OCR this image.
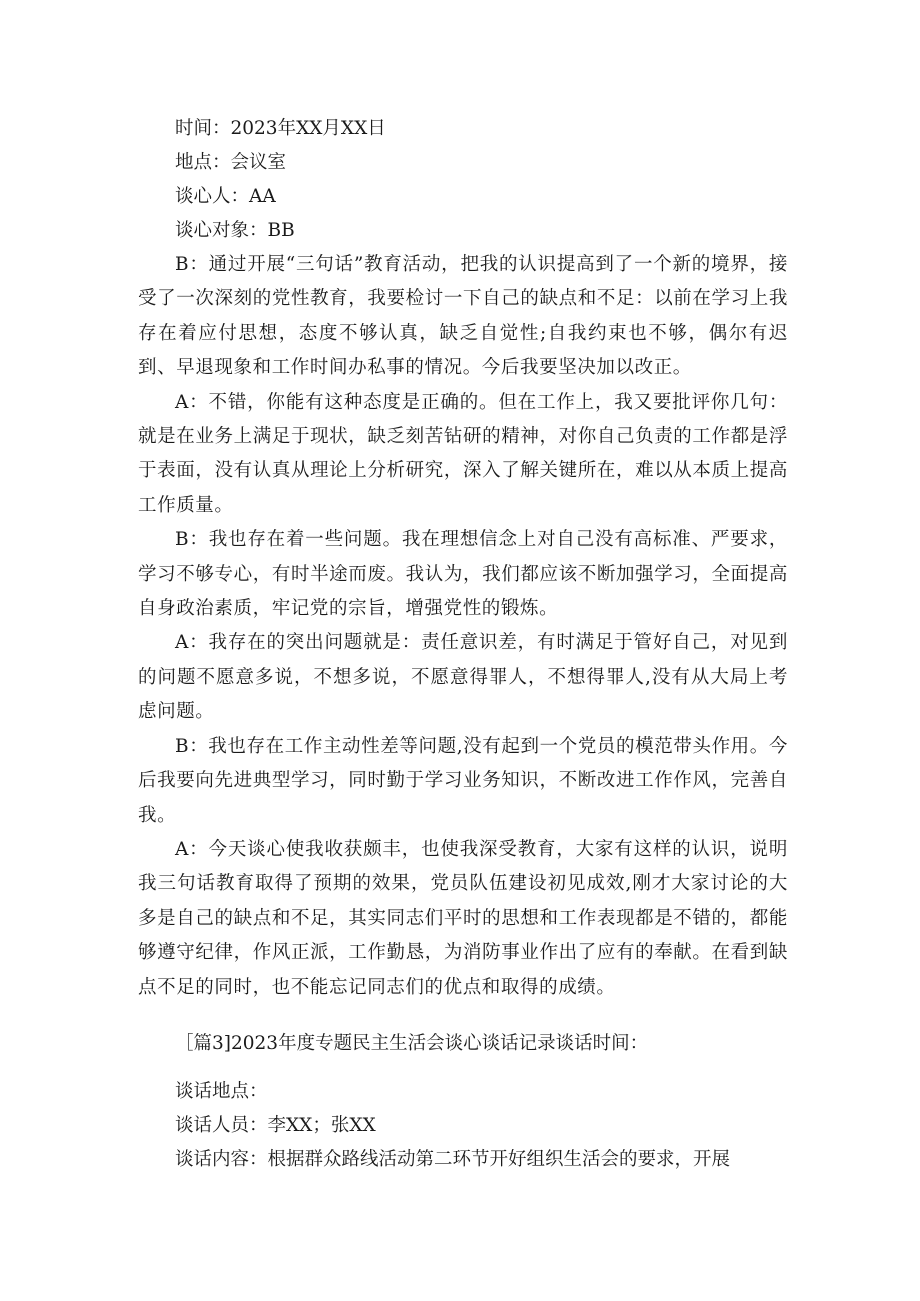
时间：2023年XX月XX日

地点：会议室

谈心人：AA

谈心对象：BB

B：通过开展“三句话”教育活动，把我的认识提高到了一个新的境界，接受了一次深刻的党性教育，我要检讨一下自己的缺点和不足：以前在学习上我存在着应付思想，态度不够认真，缺乏自觉性;自我约束也不够，偶尔有迟到、早退现象和工作时间办私事的情况。今后我要坚决加以改正。

A：不错，你能有这种态度是正确的。但在工作上，我又要批评你几句：就是在业务上满足于现状，缺乏刻苦钻研的精神，对你自己负责的工作都是浮于表面，没有认真从理论上分析研究，深入了解关键所在，难以从本质上提高工作质量。

B：我也存在着一些问题。我在理想信念上对自己没有高标准、严要求，学习不够专心，有时半途而废。我认为，我们都应该不断加强学习，全面提高自身政治素质，牢记党的宗旨，增强党性的锻炼。

A：我存在的突出问题就是：责任意识差，有时满足于管好自己，对见到的问题不愿意多说，不想多说，不愿意得罪人，不想得罪人,没有从大局上考虑问题。

B：我也存在工作主动性差等问题,没有起到一个党员的模范带头作用。今后我要向先进典型学习，同时勤于学习业务知识，不断改进工作作风，完善自我。

A：今天谈心使我收获颇丰，也使我深受教育，大家有这样的认识，说明我三句话教育取得了预期的效果，党员队伍建设初见成效,刚才大家讨论的大多是自己的缺点和不足，其实同志们平时的思想和工作表现都是不错的，都能够遵守纪律，作风正派，工作勤恳，为消防事业作出了应有的奉献。在看到缺点不足的同时，也不能忘记同志们的优点和取得的成绩。

［篇3]2023年度专题民主生活会谈心谈话记录谈话时间：

谈话地点：

谈话人员：李XX；张XX

谈话内容：根据群众路线活动第二环节开好组织生活会的要求，开展
